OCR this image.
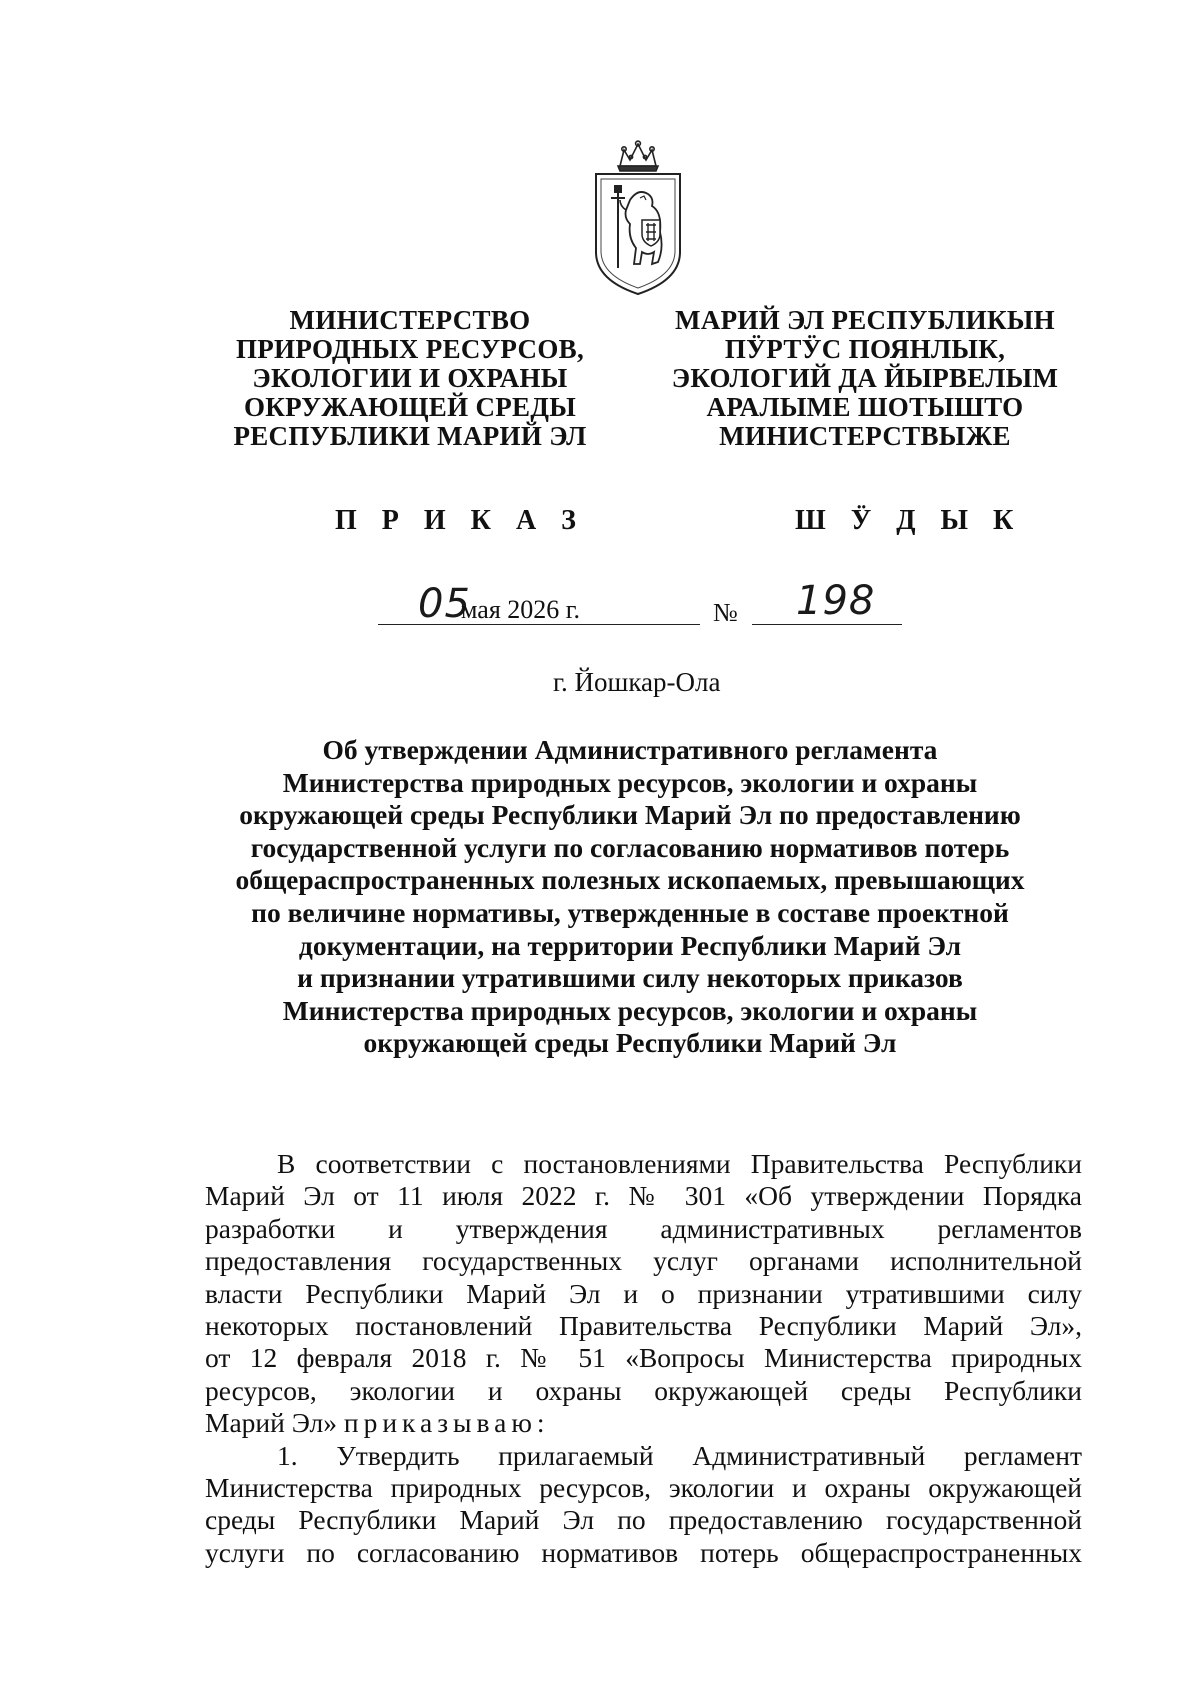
МИНИСТЕРСТВО
ПРИРОДНЫХ РЕСУРСОВ,
ЭКОЛОГИИ И ОХРАНЫ
ОКРУЖАЮЩЕЙ СРЕДЫ
РЕСПУБЛИКИ МАРИЙ ЭЛ
МАРИЙ ЭЛ РЕСПУБЛИКЫН
ПӰРТӰС ПОЯНЛЫК,
ЭКОЛОГИЙ ДА ЙЫРВЕЛЫМ
АРАЛЫМЕ ШОТЫШТО
МИНИСТЕРСТВЫЖЕ
П Р И К А З	Ш Ӱ Д Ы К
05
мая 2026 г.	№ 198
г. Йошкар-Ола
Об утверждении Административного регламента
Министерства природных ресурсов, экологии и охраны
окружающей среды Республики Марий Эл по предоставлению
государственной услуги по согласованию нормативов потерь
общераспространенных полезных ископаемых, превышающих
по величине нормативы, утвержденные в составе проектной
документации, на территории Республики Марий Эл
и признании утратившими силу некоторых приказов
Министерства природных ресурсов, экологии и охраны
окружающей среды Республики Марий Эл
В соответствии с постановлениями Правительства Республики
Марий Эл от 11 июля 2022 г. № 301 «Об утверждении Порядка
разработки и утверждения административных регламентов
предоставления государственных услуг органами исполнительной
власти Республики Марий Эл и о признании утратившими силу
некоторых постановлений Правительства Республики Марий Эл»,
от 12 февраля 2018 г. № 51 «Вопросы Министерства природных
ресурсов, экологии и охраны окружающей среды Республики
Марий Эл» приказываю:
1. Утвердить прилагаемый Административный регламент
Министерства природных ресурсов, экологии и охраны окружающей
среды Республики Марий Эл по предоставлению государственной
услуги по согласованию нормативов потерь общераспространенных
